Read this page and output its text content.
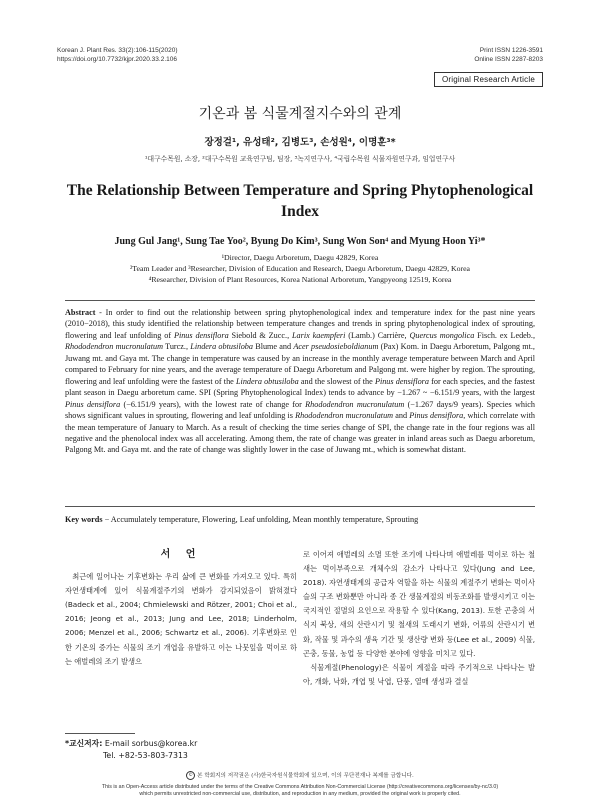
Korean J. Plant Res. 33(2):106-115(2020)
https://doi.org/10.7732/kjpr.2020.33.2.106
Print ISSN 1226-3591
Online ISSN 2287-8203
Original Research Article
기온과 봄 식물계절지수와의 관계
장정걸¹, 유성태², 김병도³, 손성원⁴, 이명훈³*
¹대구수목원, 소장, ²대구수목원 교육연구팀, 팀장, ³녹지연구사, ⁴국립수목원 식물자원연구과, 임업연구사
The Relationship Between Temperature and Spring Phytophenological Index
Jung Gul Jang¹, Sung Tae Yoo², Byung Do Kim³, Sung Won Son⁴ and Myung Hoon Yi³*
¹Director, Daegu Arboretum, Daegu 42829, Korea
²Team Leader and ³Researcher, Division of Education and Research, Daegu Arboretum, Daegu 42829, Korea
⁴Researcher, Division of Plant Resources, Korea National Arboretum, Yangpyeong 12519, Korea
Abstract - In order to find out the relationship between spring phytophenological index and temperature index for the past nine years (2010−2018), this study identified the relationship between temperature changes and trends in spring phytophenological index of sprouting, flowering and leaf unfolding of Pinus densiflora Siebold & Zucc., Larix kaempferi (Lamb.) Carrière, Quercus mongolica Fisch. ex Ledeb., Rhododendron mucronulatum Turcz., Lindera obtusiloba Blume and Acer pseudosieboldianum (Pax) Kom. in Daegu Arboretum, Palgong mt., Juwang mt. and Gaya mt. The change in temperature was caused by an increase in the monthly average temperature between March and April compared to February for nine years, and the average temperature of Daegu Arboretum and Palgong mt. were higher by region. The sprouting, flowering and leaf unfolding were the fastest of the Lindera obtusiloba and the slowest of the Pinus densiflora for each species, and the fastest plant season in Daegu arboretum came. SPI (Spring Phytophenological Index) tends to advance by −1.267 ~ −6.151/9 years, with the largest Pinus densiflora (−6.151/9 years), with the lowest rate of change for Rhododendron mucronulatum (−1.267 days/9 years). Species which shows significant values in sprouting, flowering and leaf unfolding is Rhododendron mucronulatum and Pinus densiflora, which correlate with the mean temperature of January to March. As a result of checking the time series change of SPI, the change rate in the four regions was all negative and the phenolocal index was all accelerating. Among them, the rate of change was greater in inland areas such as Daegu arboretum, Palgong Mt. and Gaya mt. and the rate of change was slightly lower in the case of Juwang mt., which is somewhat distant.
Key words − Accumulately temperature, Flowering, Leaf unfolding, Mean monthly temperature, Sprouting
서 언

최근에 일어나는 기후변화는 우리 삶에 큰 변화를 가져오고 있다. 특히 자연생태계에 있어 식물계절주기의 변화가 감지되었음이 밝혀졌다(Badeck et al., 2004; Chmielewski and Rötzer, 2001; Choi et al., 2016; Jeong et al., 2013; Jung and Lee, 2018; Linderholm, 2006; Menzel et al., 2006; Schwartz et al., 2006). 기후변화로 인한 기온의 증가는 식물의 조기 개엽을 유발하고 이는 나뭇잎을 먹이로 하는 애벌레의 조기 발생으

로 이어져 애벌레의 소멸 또한 조기에 나타나며 애벌레를 먹이로 하는 철새는 먹이부족으로 개체수의 감소가 나타나고 있다(Jung and Lee, 2018). 자연생태계의 공급자 역할을 하는 식물의 계절주기 변화는 먹이사슬의 구조 변화뿐만 아니라 종 간 생물계절의 비동조화를 발생시키고 이는 국지적인 절멸의 요인으로 작용할 수 있다(Kang, 2013). 토한 곤충의 서식지 북상, 새의 산란시기 및 철새의 도래시기 변화, 어류의 산란시기 변화, 작물 및 과수의 생육 기간 및 생산량 변화 등(Lee et al., 2009) 식물, 곤충, 동물, 농업 등 다양한 분야에 영향을 미치고 있다.

식물계절(Phenology)은 식물이 계절을 따라 주기적으로 나타나는 발아, 개화, 낙화, 개엽 및 낙엽, 단풍, 열매 생성과 결실

*교신저자: E-mail sorbus@korea.kr
Tel. +82-53-803-7313
© 본 학회지의 저작권은 (사)한국자원식물학회에 있으며, 이의 무단전재나 복제를 금합니다.
This is an Open-Access article distributed under the terms of the Creative Commons Attribution Non-Commercial License (http://creativecommons.org/licenses/by-nc/3.0)
which permits unrestricted non-commercial use, distribution, and reproduction in any medium, provided the original work is properly cited.
